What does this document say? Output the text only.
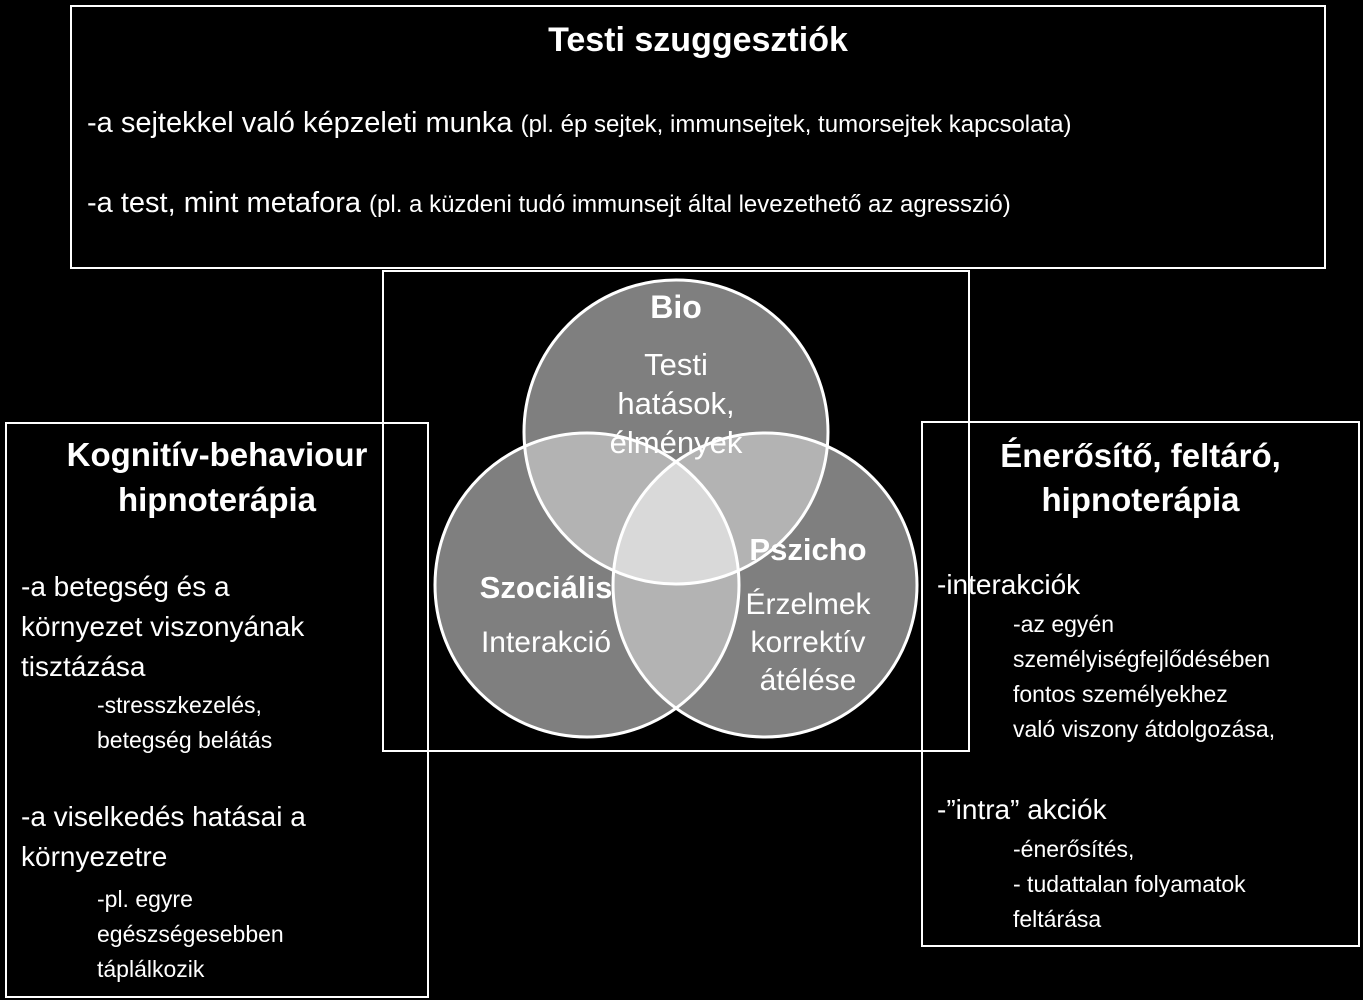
Testi szuggesztiók
-a sejtekkel való képzeleti munka (pl. ép sejtek, immunsejtek, tumorsejtek kapcsolata)
-a test, mint metafora (pl. a küzdeni tudó immunsejt által levezethető az agresszió)
Kognitív-behaviour
hipnoterápia
-a betegség és a
környezet viszonyának
tisztázása
-stresszkezelés,
betegség belátás
-a viselkedés hatásai a
környezetre
-pl. egyre
egészségesebben
táplálkozik
Énerősítő, feltáró,
hipnoterápia
-interakciók
-az egyén
személyiségfejlődésében
fontos személyekhez
való viszony átdolgozása,
-”intra” akciók
-énerősítés,
- tudattalan folyamatok
feltárása
Bio
Testi
hatások,
élmények
Szociális
Interakció
Pszicho
Érzelmek
korrektív
átélése
